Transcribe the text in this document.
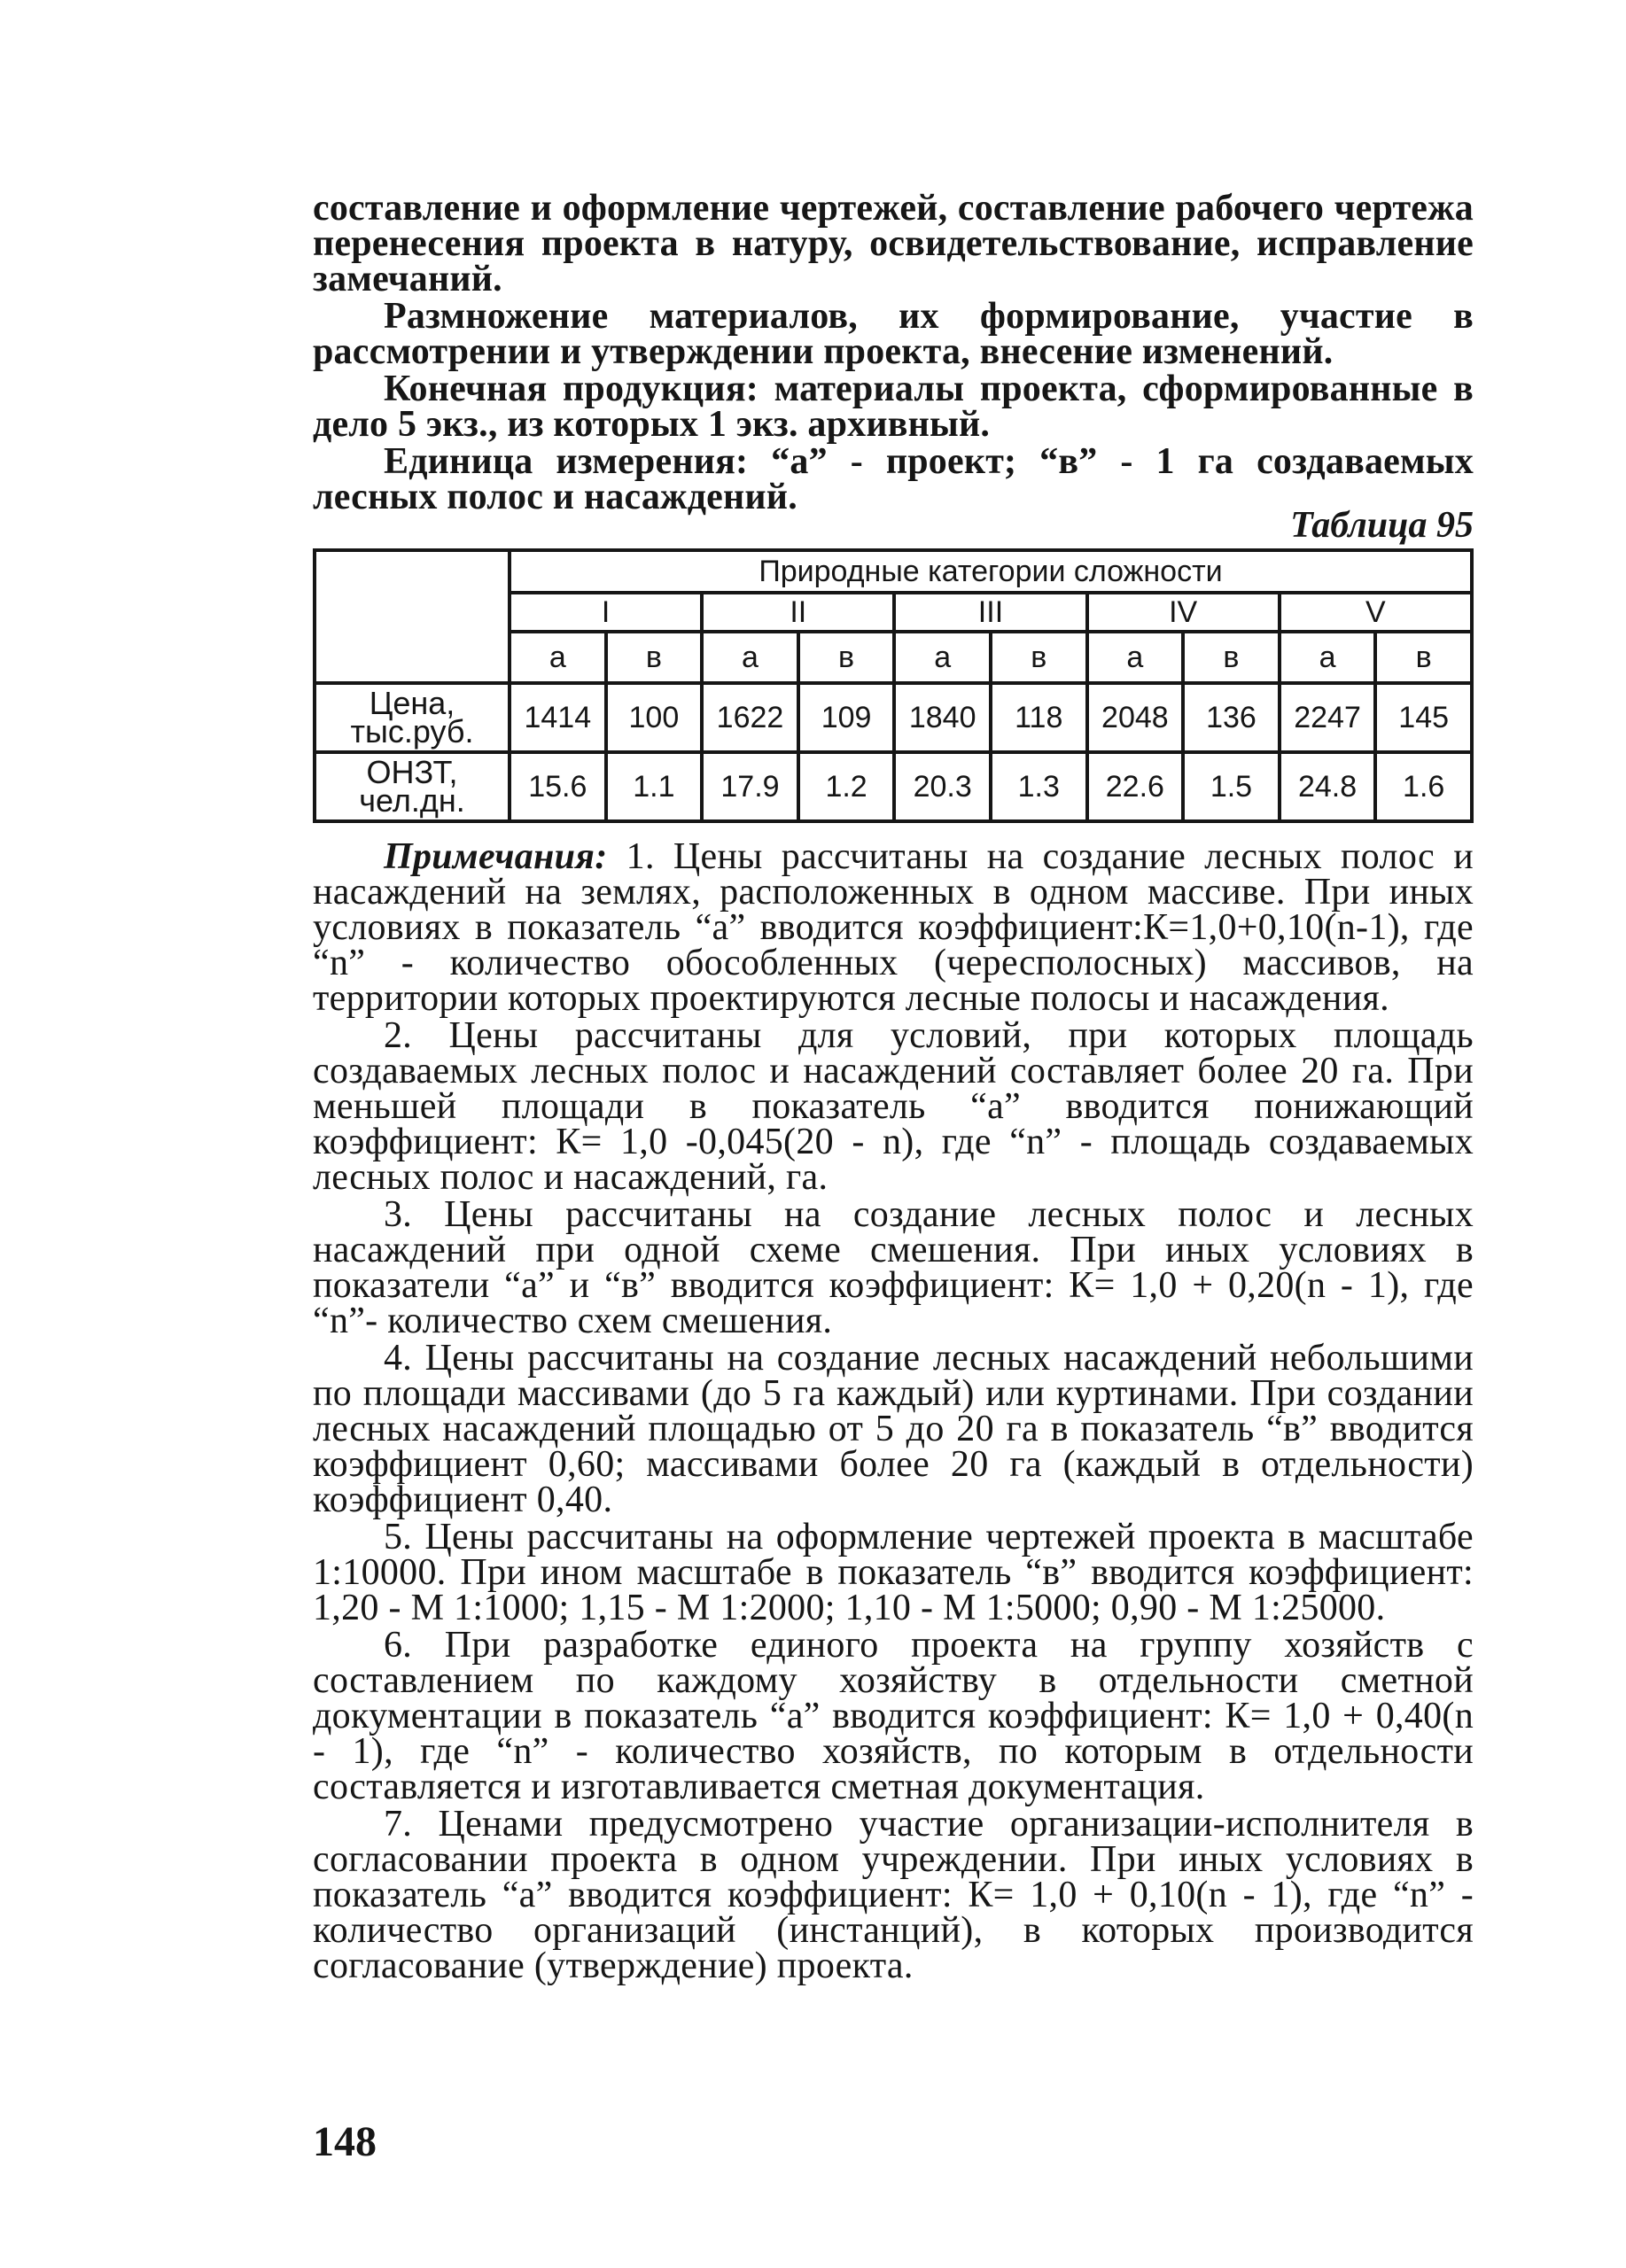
составление и оформление чертежей, составление рабочего чертежа перенесения проекта в натуру, освидетельствование, исправление замечаний.

Размножение материалов, их формирование, участие в рассмотрении и утверждении проекта, внесение изменений.

Конечная продукция: материалы проекта, сформированные в дело 5 экз., из которых 1 экз. архивный.

Единица измерения: “а” - проект; “в” - 1 га создаваемых лесных полос и насаждений.

Таблица 95
	Природные категории сложности									
	I		II		III		IV		V	
	а	в	а	в	а	в	а	в	а	в

Цена,
тыс.руб.	1414	100	1622	109	1840	118	2048	136	2247	145

ОНЗТ,
чел.дн.	15.6	1.1	17.9	1.2	20.3	1.3	22.6	1.5	24.8	1.6

Примечания: 1. Цены рассчитаны на создание лесных полос и насаждений на землях, расположенных в одном массиве. При иных условиях в показатель “а” вводится коэффициент:К=1,0+0,10(n-1), где “n” - количество обособленных (чересполосных) массивов, на территории которых проектируются лесные полосы и насаждения.

2. Цены рассчитаны для условий, при которых площадь создаваемых лесных полос и насаждений составляет более 20 га. При меньшей площади в показатель “а” вводится понижающий коэффициент: К= 1,0 -0,045(20 - n), где “n” - площадь создаваемых лесных полос и насаждений, га.

3. Цены рассчитаны на создание лесных полос и лесных насаждений при одной схеме смешения. При иных условиях в показатели “а” и “в” вводится коэффициент: К= 1,0 + 0,20(n - 1), где “n”- количество схем смешения.

4. Цены рассчитаны на создание лесных насаждений небольшими по площади массивами (до 5 га каждый) или куртинами. При создании лесных насаждений площадью от 5 до 20 га в показатель “в” вводится коэффициент 0,60; массивами более 20 га (каждый в отдельности) коэффициент 0,40.

5. Цены рассчитаны на оформление чертежей проекта в масштабе 1:10000. При ином масштабе в показатель “в” вводится коэффициент: 1,20 - М 1:1000; 1,15 - М 1:2000; 1,10 - М 1:5000; 0,90 - М 1:25000.

6. При разработке единого проекта на группу хозяйств с составлением по каждому хозяйству в отдельности сметной документации в показатель “а” вводится коэффициент: К= 1,0 + 0,40(n - 1), где “n” - количество хозяйств, по которым в отдельности составляется и изготавливается сметная документация.

7. Ценами предусмотрено участие организации-исполнителя в согласовании проекта в одном учреждении. При иных условиях в показатель “а” вводится коэффициент: К= 1,0 + 0,10(n - 1), где “n” - количество организаций (инстанций), в которых производится согласование (утверждение) проекта.

148
